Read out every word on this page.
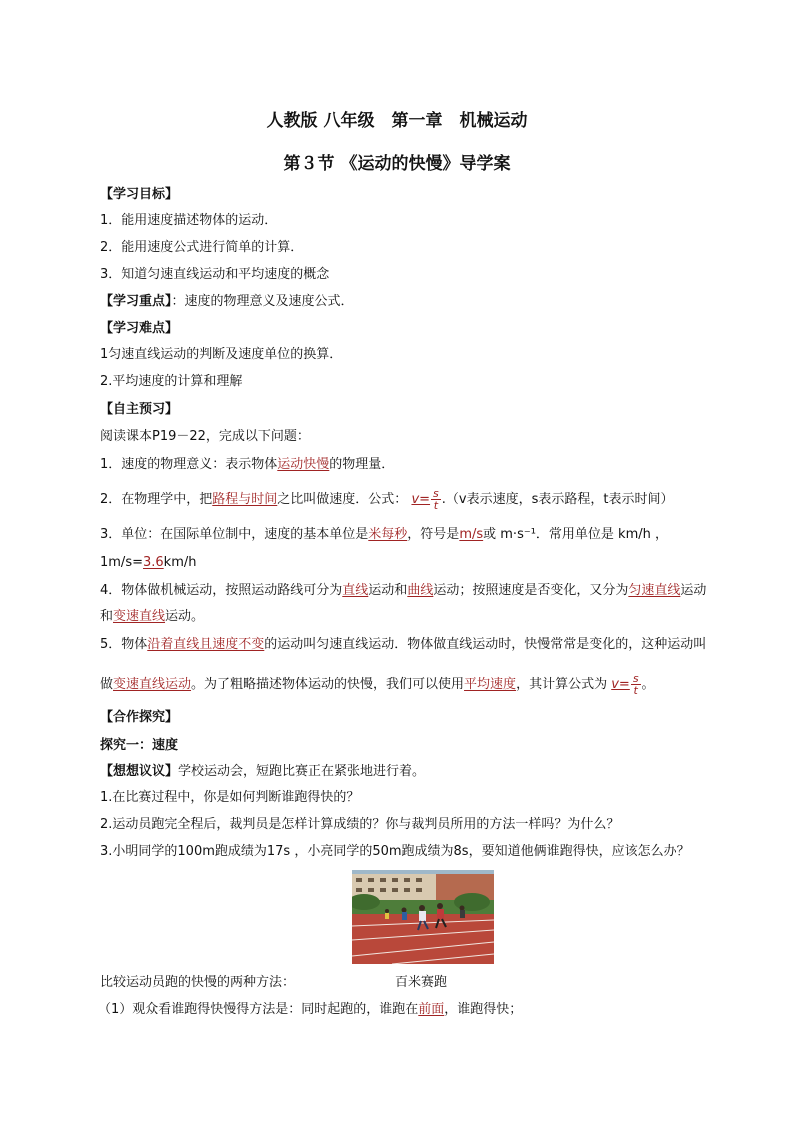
人教版 八年级　第一章　机械运动
第３节 《运动的快慢》导学案
【学习目标】
1．能用速度描述物体的运动．
2．能用速度公式进行简单的计算．
3．知道匀速直线运动和平均速度的概念
【学习重点】：速度的物理意义及速度公式．
【学习难点】
1匀速直线运动的判断及速度单位的换算．
2.平均速度的计算和理解
【自主预习】
阅读课本P19－22，完成以下问题：
1．速度的物理意义：表示物体运动快慢的物理量．
2．在物理学中，把路程与时间之比叫做速度．公式： $v= \frac{s}{t} .(v$表示速度，s表示路程，t表示时间）
3．单位：在国际单位制中，速度的基本单位是米每秒，符号是m/s或 m·s⁻¹．常用单位是 km/h ，
1m/s=3.6km/h
4．物体做机械运动，按照运动路线可分为直线运动和曲线运动；按照速度是否变化，又分为匀速直线运动
和变速直线运动。
5．物体沿着直线且速度不变的运动叫匀速直线运动．物体做直线运动时，快慢常常是变化的，这种运动叫
做变速直线运动。为了粗略描述物体运动的快慢，我们可以使用平均速度，其计算公式为 $v= \frac{s}{t}$ 。
【合作探究】
探究一：速度
【想想议议】学校运动会，短跑比赛正在紧张地进行着。
1.在比赛过程中，你是如何判断谁跑得快的？
2.运动员跑完全程后，裁判员是怎样计算成绩的？你与裁判员所用的方法一样吗？为什么？
3.小明同学的100m跑成绩为17s ，小亮同学的50m跑成绩为8s，要知道他俩谁跑得快，应该怎么办？
比较运动员跑的快慢的两种方法：	百米赛跑
（1）观众看谁跑得快慢得方法是：同时起跑的，谁跑在前面，谁跑得快；
